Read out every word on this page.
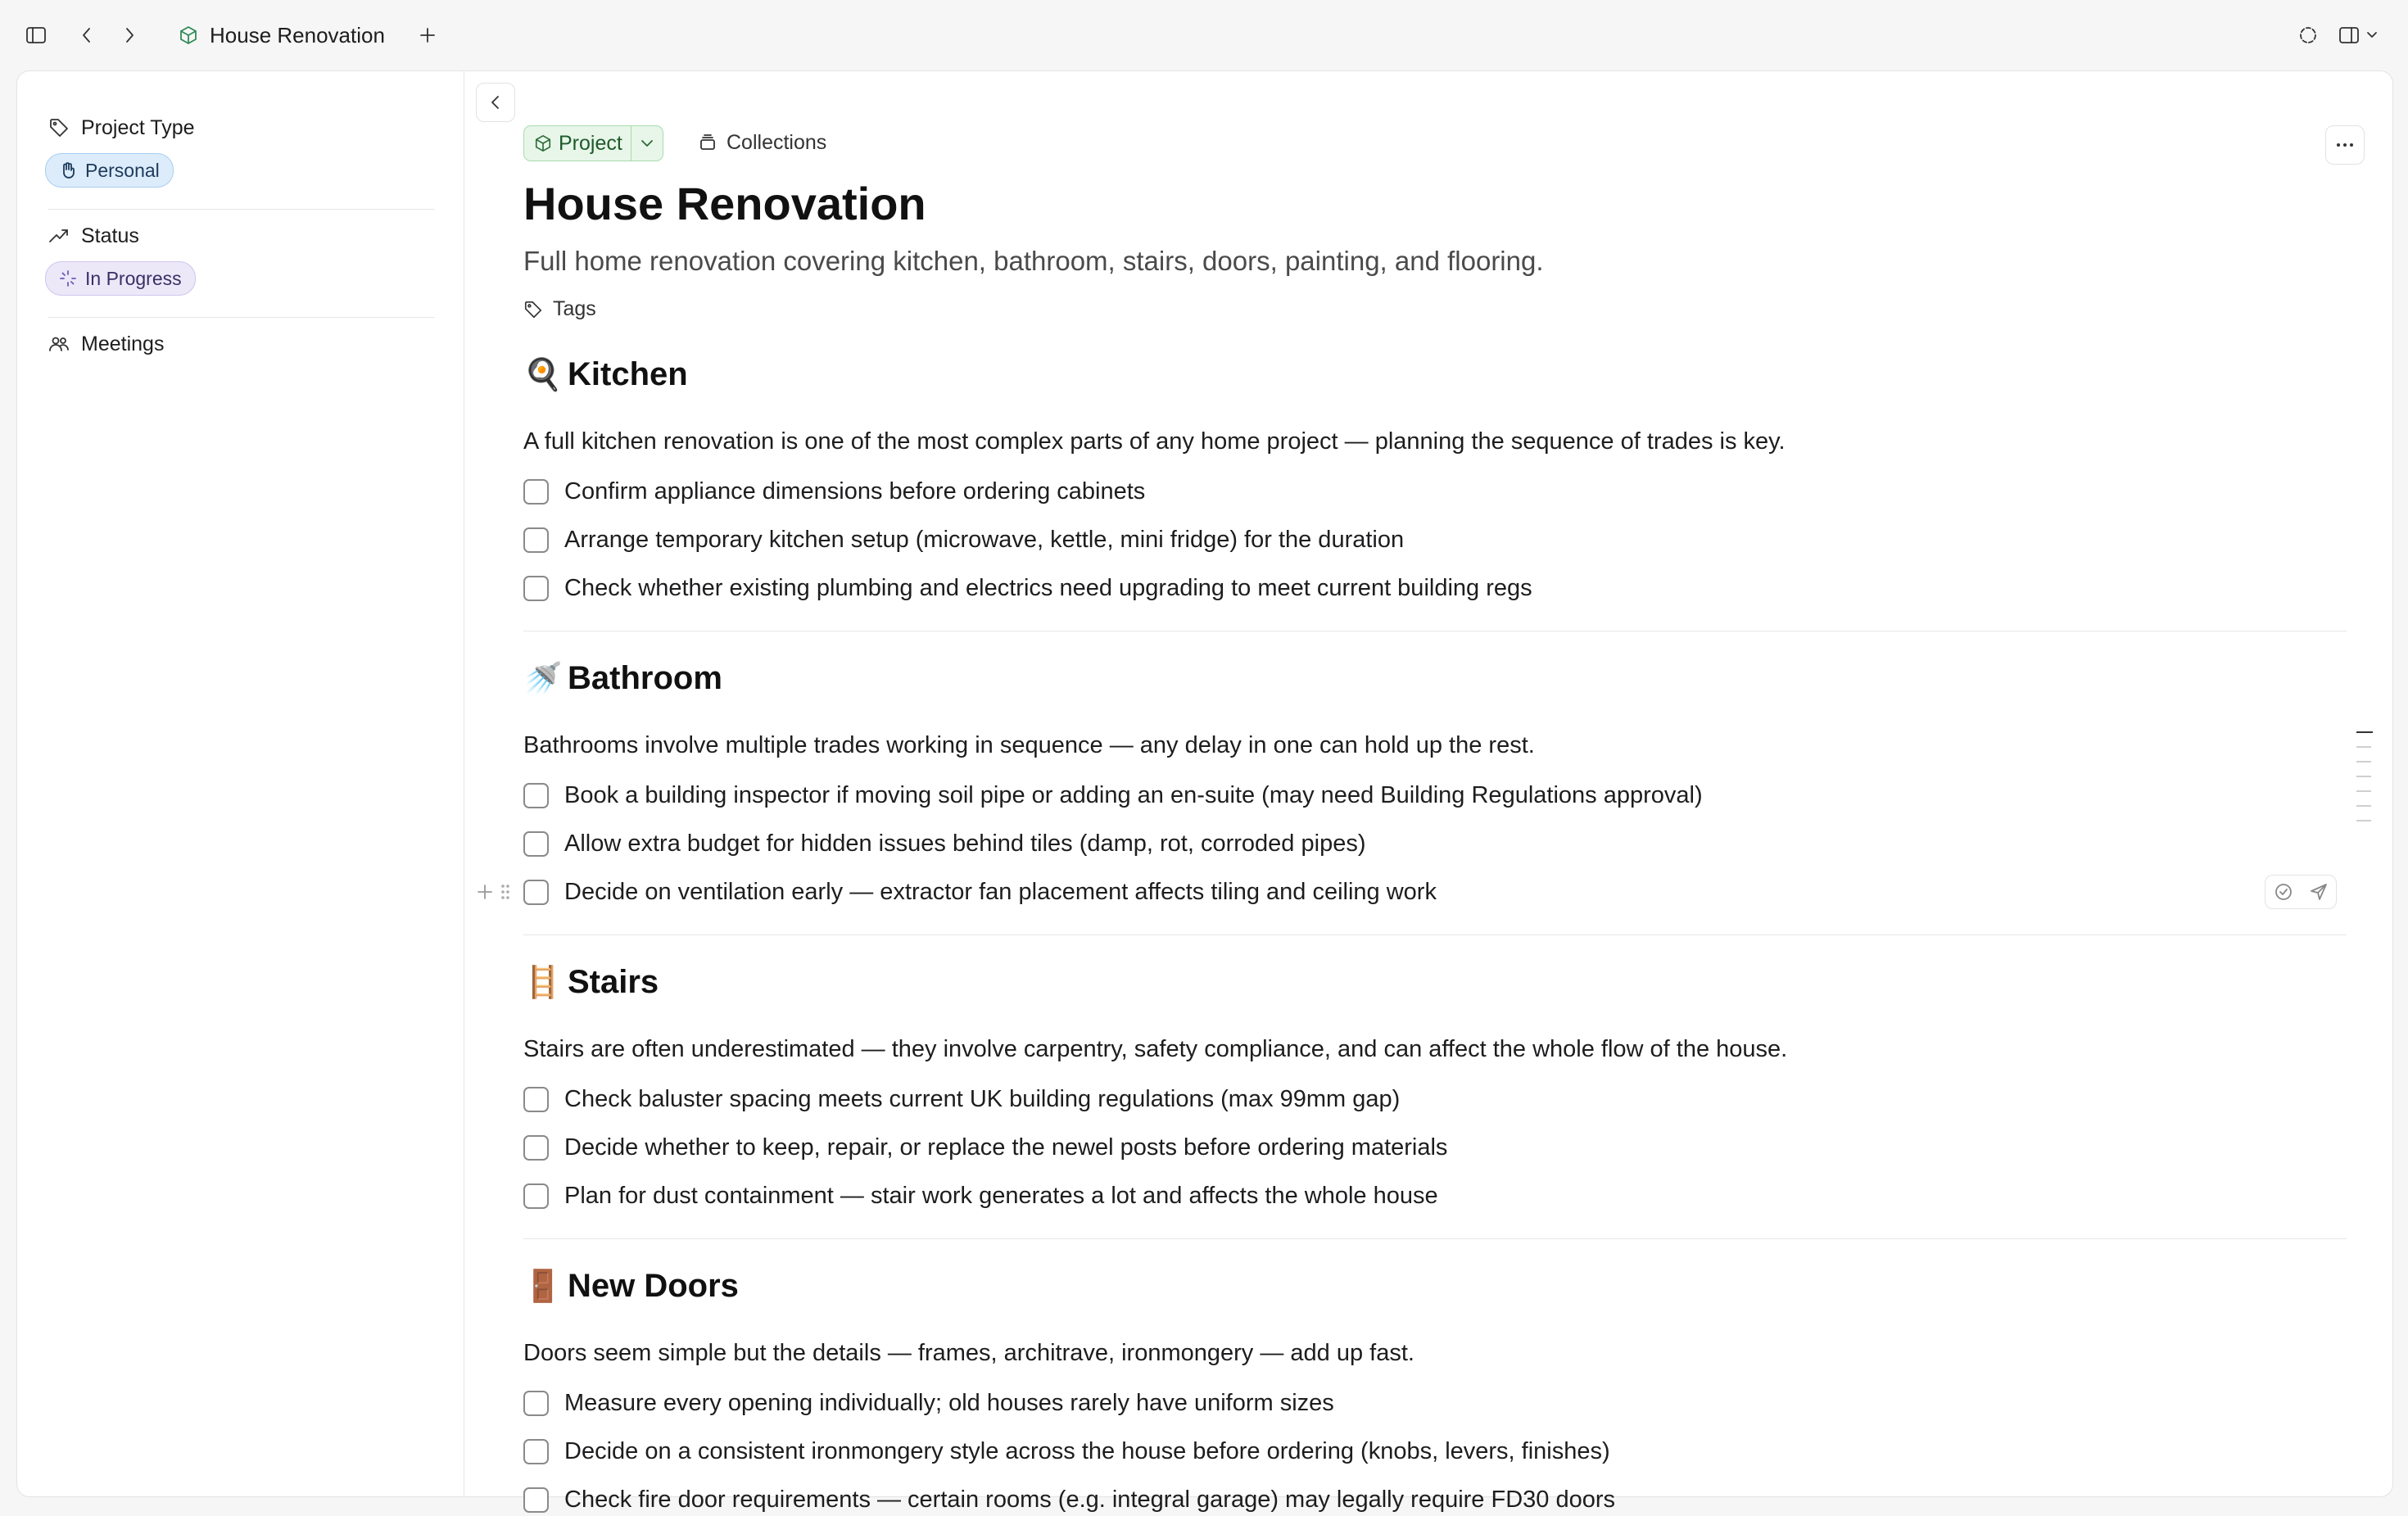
House Renovation
Project Type
Personal
Status
In Progress
Meetings
Project	Collections
House Renovation
Full home renovation covering kitchen, bathroom, stairs, doors, painting, and flooring.
Tags
🍳 Kitchen
A full kitchen renovation is one of the most complex parts of any home project — planning the sequence of trades is key.
Confirm appliance dimensions before ordering cabinets
Arrange temporary kitchen setup (microwave, kettle, mini fridge) for the duration
Check whether existing plumbing and electrics need upgrading to meet current building regs
🚿 Bathroom
Bathrooms involve multiple trades working in sequence — any delay in one can hold up the rest.
Book a building inspector if moving soil pipe or adding an en-suite (may need Building Regulations approval)
Allow extra budget for hidden issues behind tiles (damp, rot, corroded pipes)
Decide on ventilation early — extractor fan placement affects tiling and ceiling work
🪜 Stairs
Stairs are often underestimated — they involve carpentry, safety compliance, and can affect the whole flow of the house.
Check baluster spacing meets current UK building regulations (max 99mm gap)
Decide whether to keep, repair, or replace the newel posts before ordering materials
Plan for dust containment — stair work generates a lot and affects the whole house
🚪 New Doors
Doors seem simple but the details — frames, architrave, ironmongery — add up fast.
Measure every opening individually; old houses rarely have uniform sizes
Decide on a consistent ironmongery style across the house before ordering (knobs, levers, finishes)
Check fire door requirements — certain rooms (e.g. integral garage) may legally require FD30 doors
